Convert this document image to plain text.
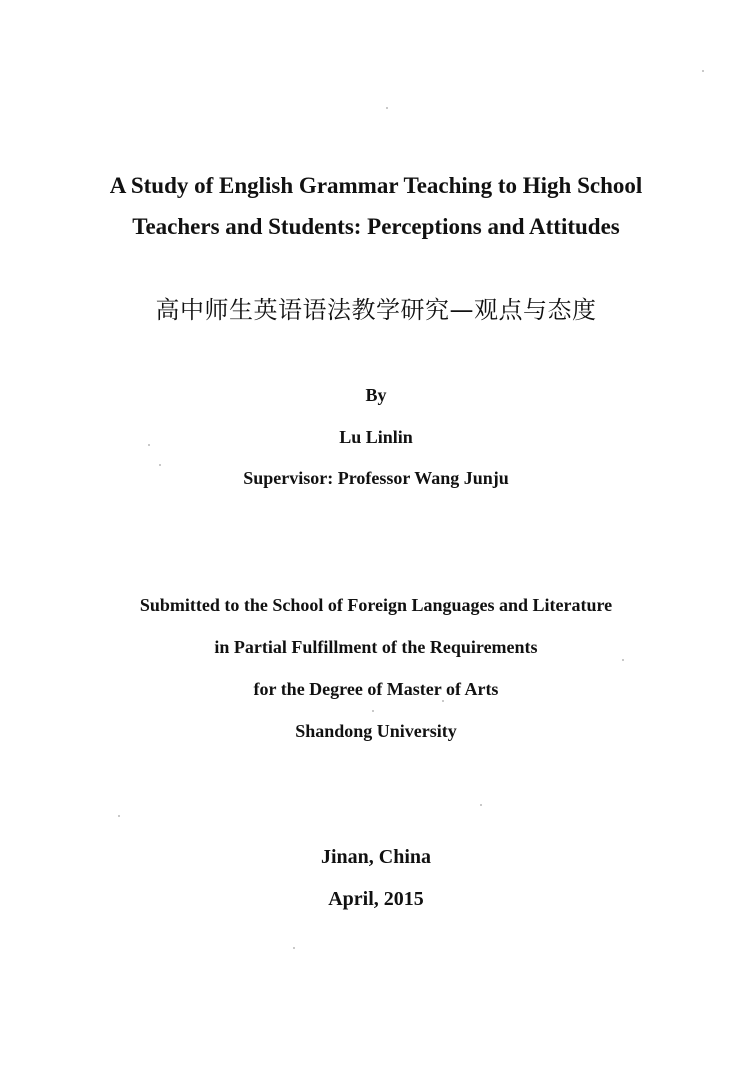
A Study of English Grammar Teaching to High School
Teachers and Students: Perceptions and Attitudes
高中师生英语语法教学研究—观点与态度
By
Lu Linlin
Supervisor: Professor Wang Junju
Submitted to the School of Foreign Languages and Literature
in Partial Fulfillment of the Requirements
for the Degree of Master of Arts
Shandong University
Jinan, China
April, 2015
